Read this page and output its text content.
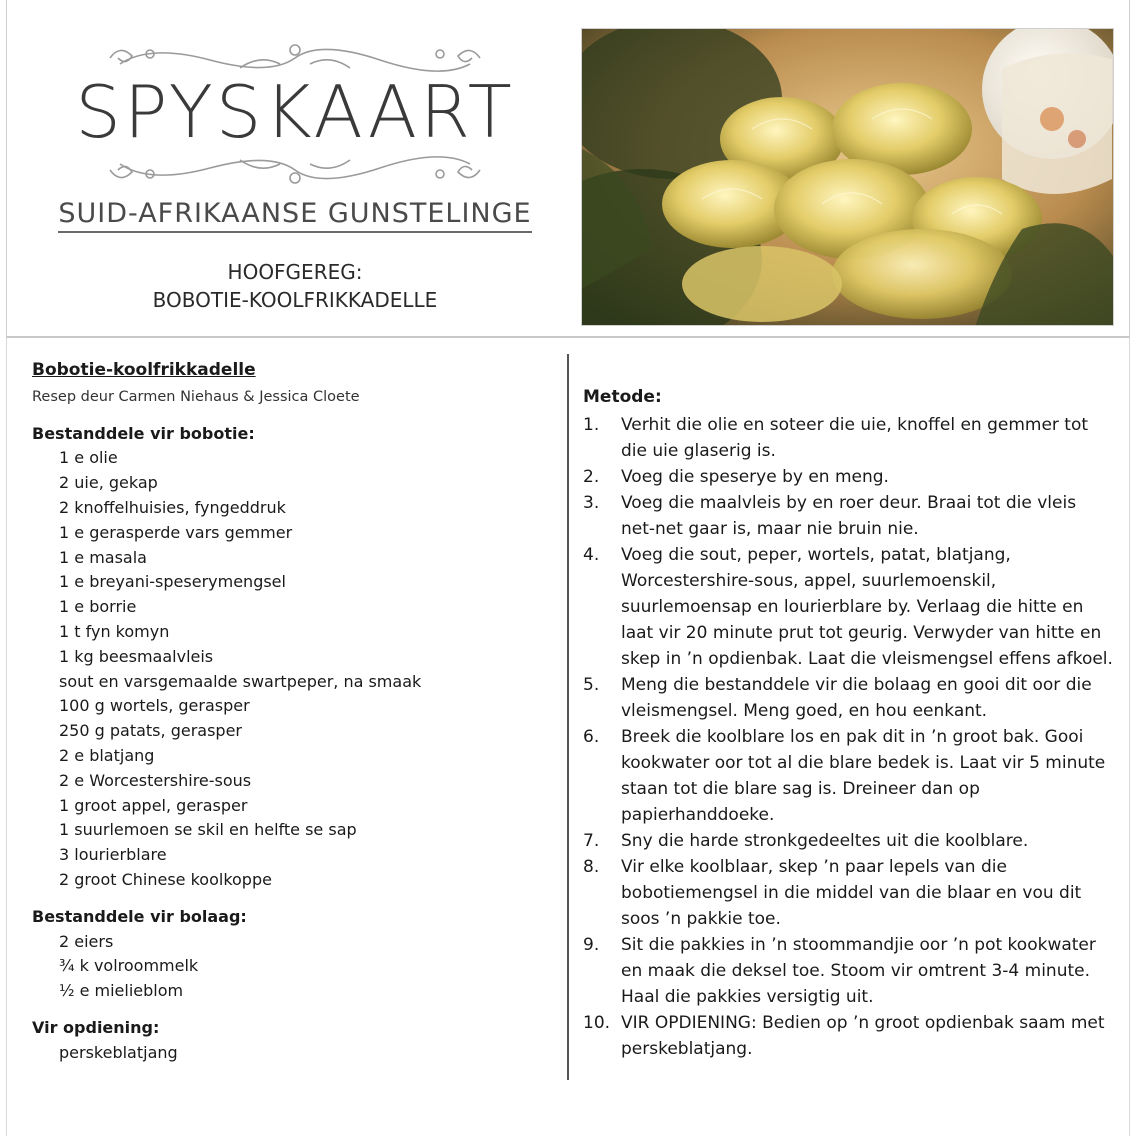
SPYSKAART
SUID-AFRIKAANSE GUNSTELINGE
HOOFGEREG:
BOBOTIE-KOOLFRIKKADELLE

Bobotie-koolfrikkadelle

Resep deur Carmen Niehaus & Jessica Cloete

Bestanddele vir bobotie:

1 e olie
2 uie, gekap
2 knoffelhuisies, fyngeddruk
1 e gerasperde vars gemmer
1 e masala
1 e breyani-speserymengsel
1 e borrie
1 t fyn komyn
1 kg beesmaalvleis
sout en varsgemaalde swartpeper, na smaak
100 g wortels, gerasper
250 g patats, gerasper
2 e blatjang
2 e Worcestershire-sous
1 groot appel, gerasper
1 suurlemoen se skil en helfte se sap
3 lourierblare
2 groot Chinese koolkoppe

Bestanddele vir bolaag:

2 eiers
¾ k volroommelk
½ e mielieblom

Vir opdiening:

perskeblatjang

Metode:

1. Verhit die olie en soteer die uie, knoffel en gemmer tot die uie glaserig is.
2. Voeg die speserye by en meng.
3. Voeg die maalvleis by en roer deur. Braai tot die vleis net-net gaar is, maar nie bruin nie.
4. Voeg die sout, peper, wortels, patat, blatjang, Worcestershire-sous, appel, suurlemoenskil, suurlemoensap en lourierblare by. Verlaag die hitte en laat vir 20 minute prut tot geurig. Verwyder van hitte en skep in ’n opdienbak. Laat die vleismengsel effens afkoel.
5. Meng die bestanddele vir die bolaag en gooi dit oor die vleismengsel. Meng goed, en hou eenkant.
6. Breek die koolblare los en pak dit in ’n groot bak. Gooi kookwater oor tot al die blare bedek is. Laat vir 5 minute staan tot die blare sag is. Dreineer dan op papierhanddoeke.
7. Sny die harde stronkgedeeltes uit die koolblare.
8. Vir elke koolblaar, skep ’n paar lepels van die bobotiemengsel in die middel van die blaar en vou dit soos ’n pakkie toe.
9. Sit die pakkies in ’n stoommandjie oor ’n pot kookwater en maak die deksel toe. Stoom vir omtrent 3-4 minute. Haal die pakkies versigtig uit.
10. VIR OPDIENING: Bedien op ’n groot opdienbak saam met perskeblatjang.
